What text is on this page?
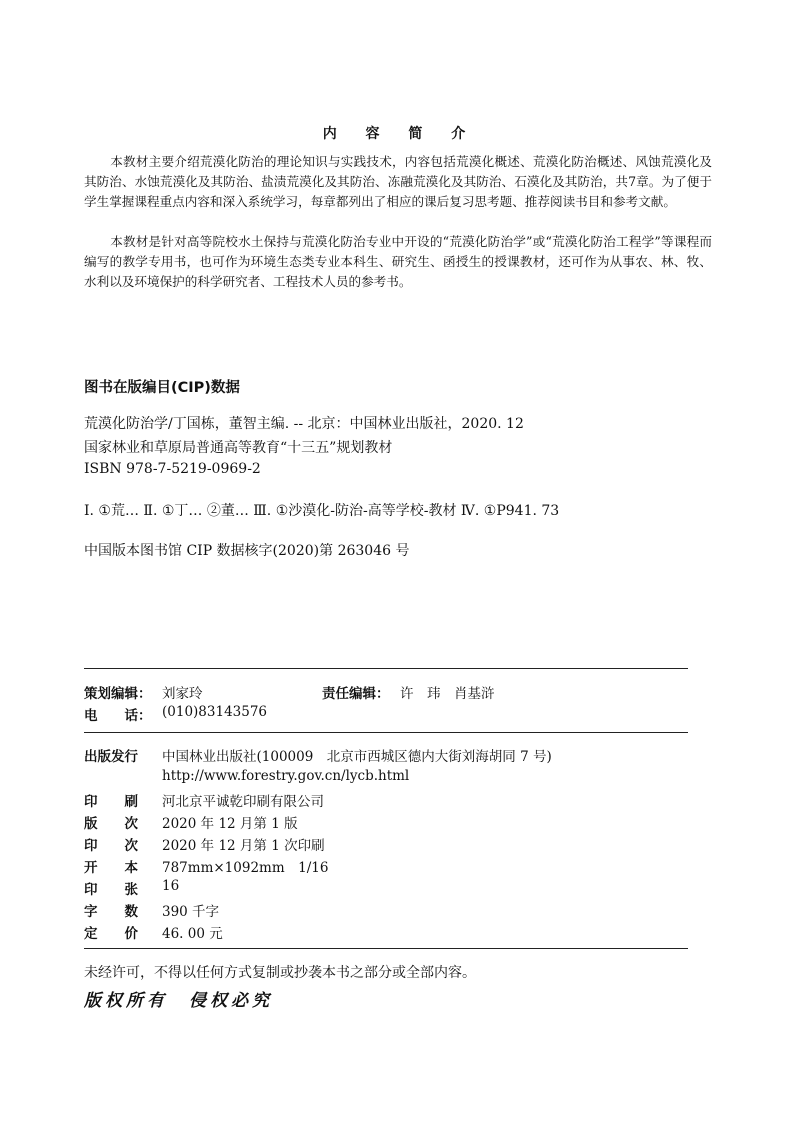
内 容 简 介
本教材主要介绍荒漠化防治的理论知识与实践技术，内容包括荒漠化概述、荒漠化防治概述、风蚀荒漠化及其防治、水蚀荒漠化及其防治、盐渍荒漠化及其防治、冻融荒漠化及其防治、石漠化及其防治，共7章。为了便于学生掌握课程重点内容和深入系统学习，每章都列出了相应的课后复习思考题、推荐阅读书目和参考文献。
本教材是针对高等院校水土保持与荒漠化防治专业中开设的“荒漠化防治学”或“荒漠化防治工程学”等课程而编写的教学专用书，也可作为环境生态类专业本科生、研究生、函授生的授课教材，还可作为从事农、林、牧、水利以及环境保护的科学研究者、工程技术人员的参考书。
图书在版编目(CIP)数据
荒漠化防治学/丁国栋，董智主编. -- 北京：中国林业出版社，2020. 12
国家林业和草原局普通高等教育“十三五”规划教材
ISBN 978-7-5219-0969-2
Ⅰ. ①荒… Ⅱ. ①丁… ②董… Ⅲ. ①沙漠化-防治-高等学校-教材 Ⅳ. ①P941. 73
中国版本图书馆 CIP 数据核字(2020)第 263046 号
策划编辑： 刘家玲	责任编辑： 许　玮　肖基浒
电　　话： (010)83143576
出版发行 中国林业出版社(100009　北京市西城区德内大街刘海胡同 7 号)
http://www.forestry.gov.cn/lycb.html
印　　刷 河北京平诚乾印刷有限公司
版　　次 2020 年 12 月第 1 版
印　　次 2020 年 12 月第 1 次印刷
开　　本 787mm×1092mm　1/16
印　　张 16
字　　数 390 千字
定　　价 46. 00 元
未经许可，不得以任何方式复制或抄袭本书之部分或全部内容。
版权所有　侵权必究
